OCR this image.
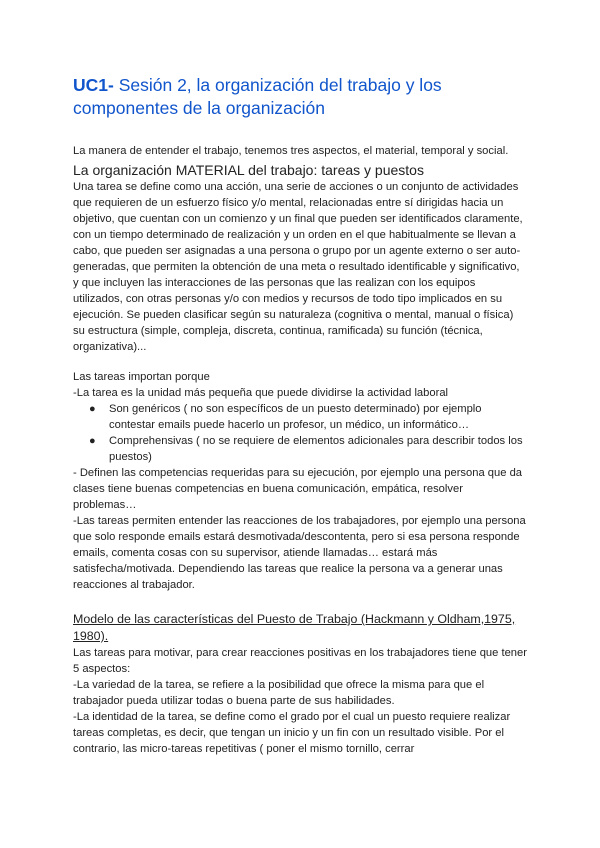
UC1- Sesión 2, la organización del trabajo y los componentes de la organización

La manera de entender el trabajo, tenemos tres aspectos, el material, temporal y social.

La organización MATERIAL del trabajo: tareas y puestos

Una tarea se define como una acción, una serie de acciones o un conjunto de actividades que requieren de un esfuerzo físico y/o mental, relacionadas entre sí dirigidas hacia un objetivo, que cuentan con un comienzo y un final que pueden ser identificados claramente, con un tiempo determinado de realización y un orden en el que habitualmente se llevan a cabo, que pueden ser asignadas a una persona o grupo por un agente externo o ser auto-generadas, que permiten la obtención de una meta o resultado identificable y significativo, y que incluyen las interacciones de las personas que las realizan con los equipos utilizados, con otras personas y/o con medios y recursos de todo tipo implicados en su ejecución. Se pueden clasificar según su naturaleza (cognitiva o mental, manual o física) su estructura (simple, compleja, discreta, continua, ramificada) su función (técnica, organizativa)...

Las tareas importan porque

-La tarea es la unidad más pequeña que puede dividirse la actividad laboral

● Son genéricos ( no son específicos de un puesto determinado) por ejemplo contestar emails puede hacerlo un profesor, un médico, un informático…
● Comprehensivas ( no se requiere de elementos adicionales para describir todos los puestos)

- Definen las competencias requeridas para su ejecución, por ejemplo una persona que da clases tiene buenas competencias en buena comunicación, empática, resolver problemas…

-Las tareas permiten entender las reacciones de los trabajadores, por ejemplo una persona que solo responde emails estará desmotivada/descontenta, pero si esa persona responde emails, comenta cosas con su supervisor, atiende llamadas… estará más satisfecha/motivada. Dependiendo las tareas que realice la persona va a generar unas reacciones al trabajador.

Modelo de las características del Puesto de Trabajo (Hackmann y Oldham,1975, 1980).

Las tareas para motivar, para crear reacciones positivas en los trabajadores tiene que tener 5 aspectos:

-La variedad de la tarea, se refiere a la posibilidad que ofrece la misma para que el trabajador pueda utilizar todas o buena parte de sus habilidades.

-La identidad de la tarea, se define como el grado por el cual un puesto requiere realizar tareas completas, es decir, que tengan un inicio y un fin con un resultado visible. Por el contrario, las micro-tareas repetitivas ( poner el mismo tornillo, cerrar
